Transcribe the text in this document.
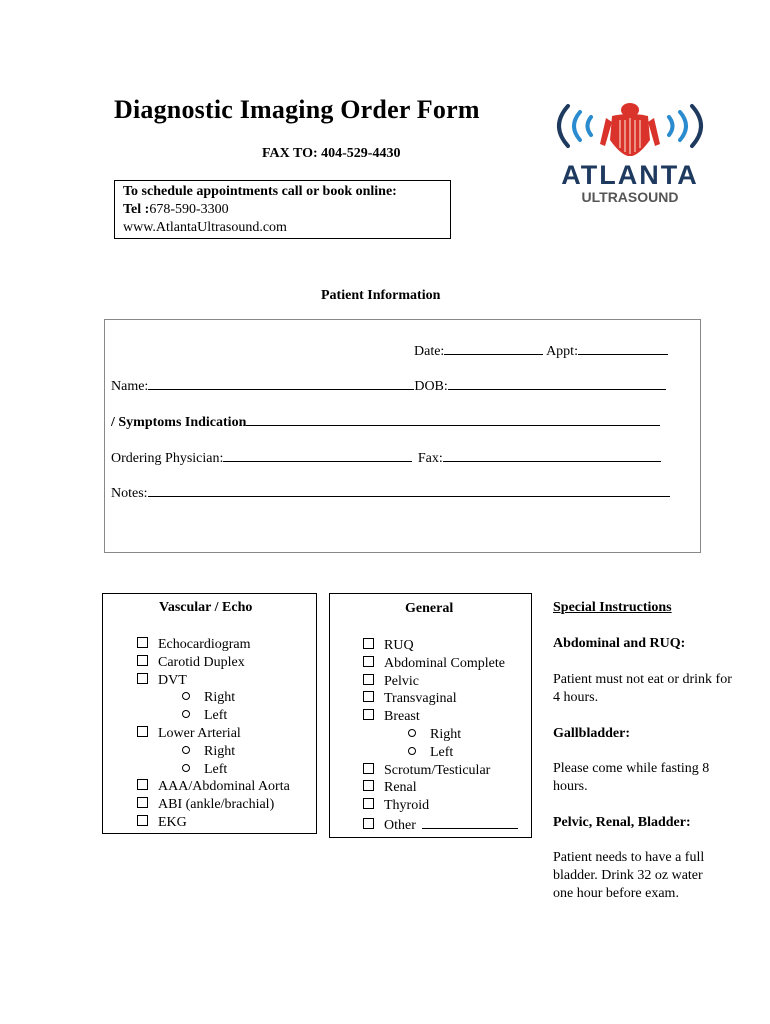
Diagnostic Imaging Order Form
FAX TO: 404-529-4430
To schedule appointments call or book online:
Tel :678-590-3300
www.AtlantaUltrasound.com
ATLANTA
ULTRASOUND
Patient Information
Date:	Appt:
Name:	DOB:
/ Symptoms Indication
Ordering Physician:	Fax:
Notes:
Vascular / Echo
Echocardiogram
Carotid Duplex
DVT
Right
Left
Lower Arterial
Right
Left
AAA/Abdominal Aorta
ABI (ankle/brachial)
EKG
General
RUQ
Abdominal Complete
Pelvic
Transvaginal
Breast
Right
Left
Scrotum/Testicular
Renal
Thyroid
Other
Special Instructions
Abdominal and RUQ:
Patient must not eat or drink for 4 hours.
Gallbladder:
Please come while fasting 8 hours.
Pelvic, Renal, Bladder:
Patient needs to have a full bladder. Drink 32 oz water one hour before exam.
